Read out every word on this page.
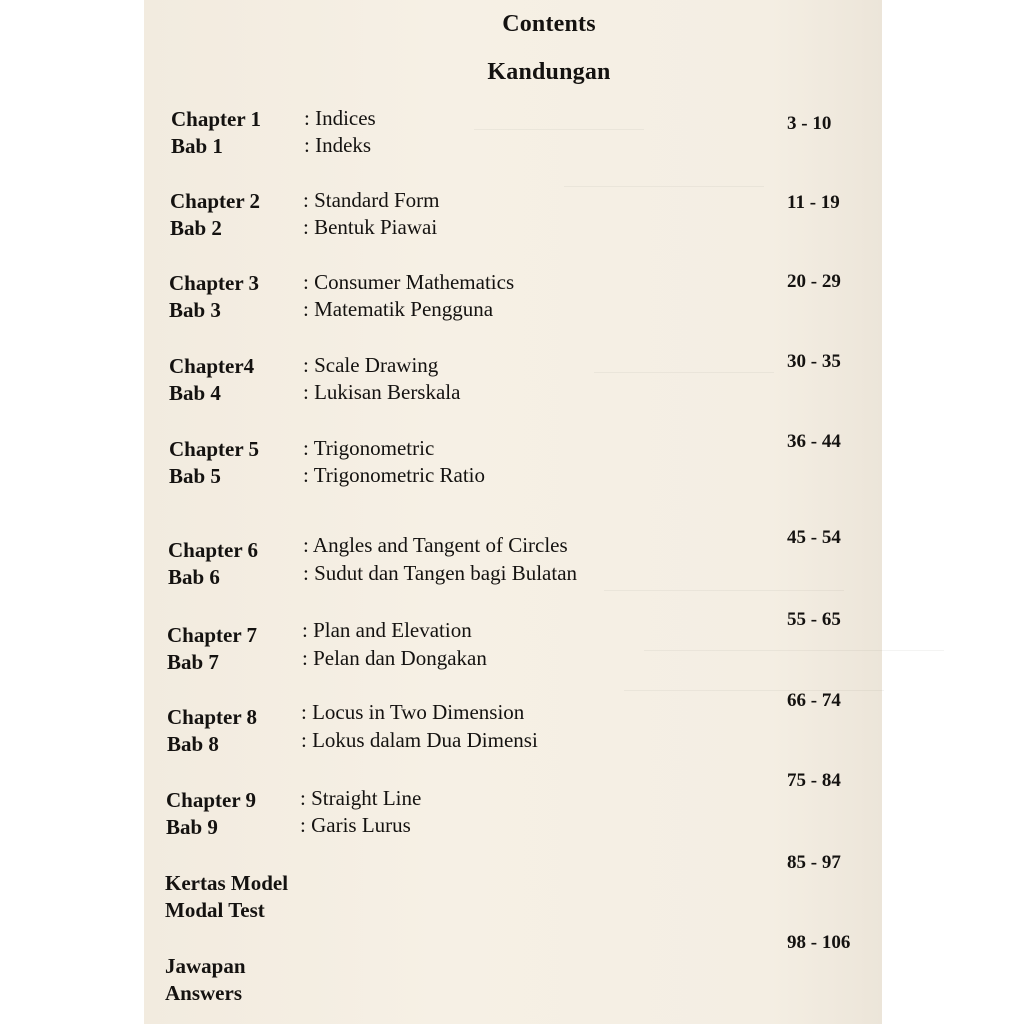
Contents
Kandungan
Chapter 1
Bab 1
: Indices
: Indeks
3 - 10
Chapter 2
Bab 2
: Standard Form
: Bentuk Piawai
11 - 19
Chapter 3
Bab 3
: Consumer Mathematics
: Matematik Pengguna
20 - 29
Chapter4
Bab 4
: Scale Drawing
: Lukisan Berskala
30 - 35
Chapter 5
Bab 5
: Trigonometric
: Trigonometric Ratio
36 - 44
Chapter 6
Bab 6
: Angles and Tangent of Circles
: Sudut dan Tangen bagi Bulatan
45 - 54
Chapter 7
Bab 7
: Plan and Elevation
: Pelan dan Dongakan
55 - 65
Chapter 8
Bab 8
: Locus in Two Dimension
: Lokus dalam Dua Dimensi
66 - 74
Chapter 9
Bab 9
: Straight Line
: Garis Lurus
75 - 84
Kertas Model
Modal Test
85 - 97
Jawapan
Answers
98 - 106
